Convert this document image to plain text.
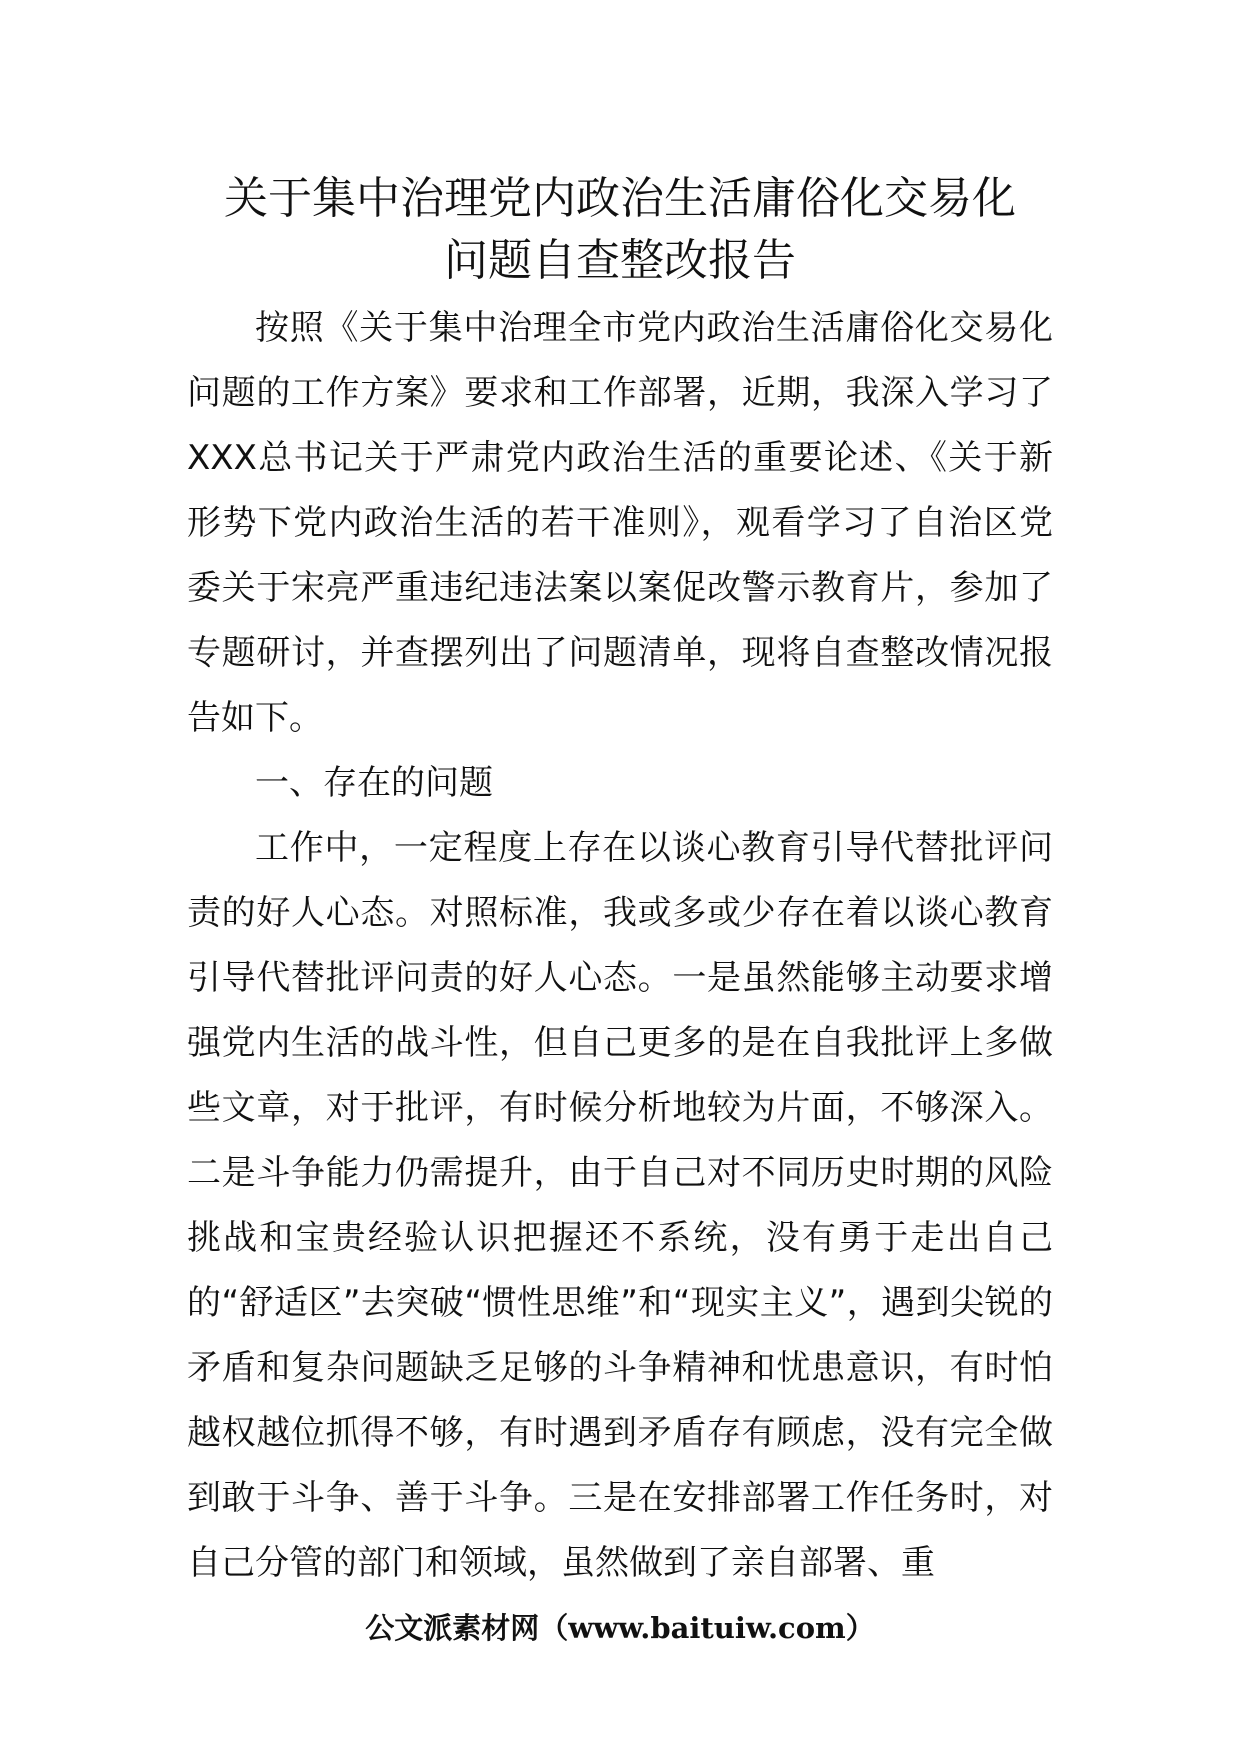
关于集中治理党内政治生活庸俗化交易化
问题自查整改报告

按照《关于集中治理全市党内政治生活庸俗化交易化问题的工作方案》要求和工作部署，近期，我深入学习了XXX总书记关于严肃党内政治生活的重要论述、《关于新形势下党内政治生活的若干准则》，观看学习了自治区党委关于宋亮严重违纪违法案以案促改警示教育片，参加了专题研讨，并查摆列出了问题清单，现将自查整改情况报告如下。

一、存在的问题

工作中，一定程度上存在以谈心教育引导代替批评问责的好人心态。对照标准，我或多或少存在着以谈心教育引导代替批评问责的好人心态。一是虽然能够主动要求增强党内生活的战斗性，但自己更多的是在自我批评上多做些文章，对于批评，有时候分析地较为片面，不够深入。二是斗争能力仍需提升，由于自己对不同历史时期的风险挑战和宝贵经验认识把握还不系统，没有勇于走出自己的“舒适区”去突破“惯性思维”和“现实主义”，遇到尖锐的矛盾和复杂问题缺乏足够的斗争精神和忧患意识，有时怕越权越位抓得不够，有时遇到矛盾存有顾虑，没有完全做到敢于斗争、善于斗争。三是在安排部署工作任务时，对自己分管的部门和领域，虽然做到了亲自部署、重

公文派素材网（www.baituiw.com）
